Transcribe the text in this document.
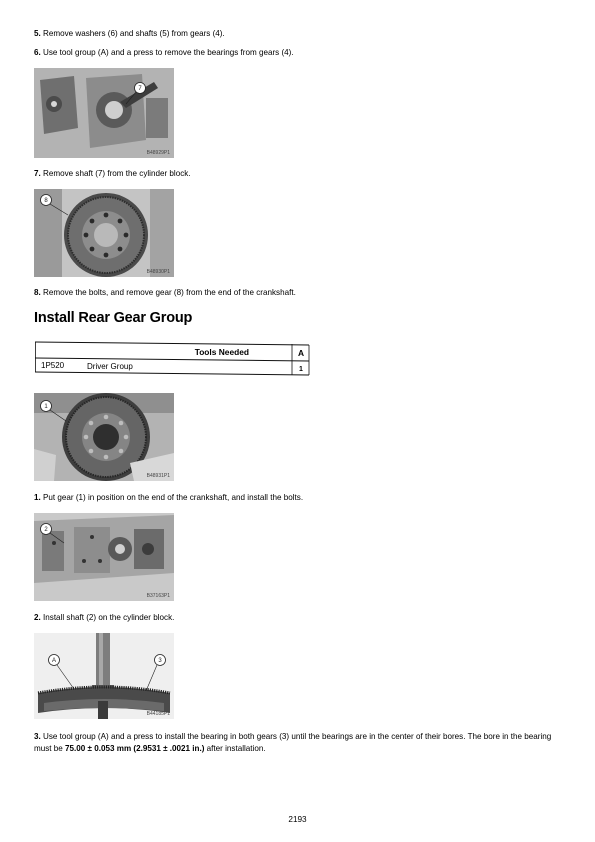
5. Remove washers (6) and shafts (5) from gears (4).

6. Use tool group (A) and a press to remove the bearings from gears (4).

7
B48929P1

7. Remove shaft (7) from the cylinder block.

8
B48930P1

8. Remove the bolts, and remove gear (8) from the end of the crankshaft.

Install Rear Gear Group
Tools Needed	A
1P520	Driver Group	1
1
B48931P1

1. Put gear (1) in position on the end of the crankshaft, and install the bolts.

2
B37163P1

2. Install shaft (2) on the cylinder block.

A	3
B44185P1

3. Use tool group (A) and a press to install the bearing in both gears (3) until the bearings are in the center of their bores. The bore in the bearing must be 75.00 ± 0.053 mm (2.9531 ± .0021 in.) after installation.

2193
